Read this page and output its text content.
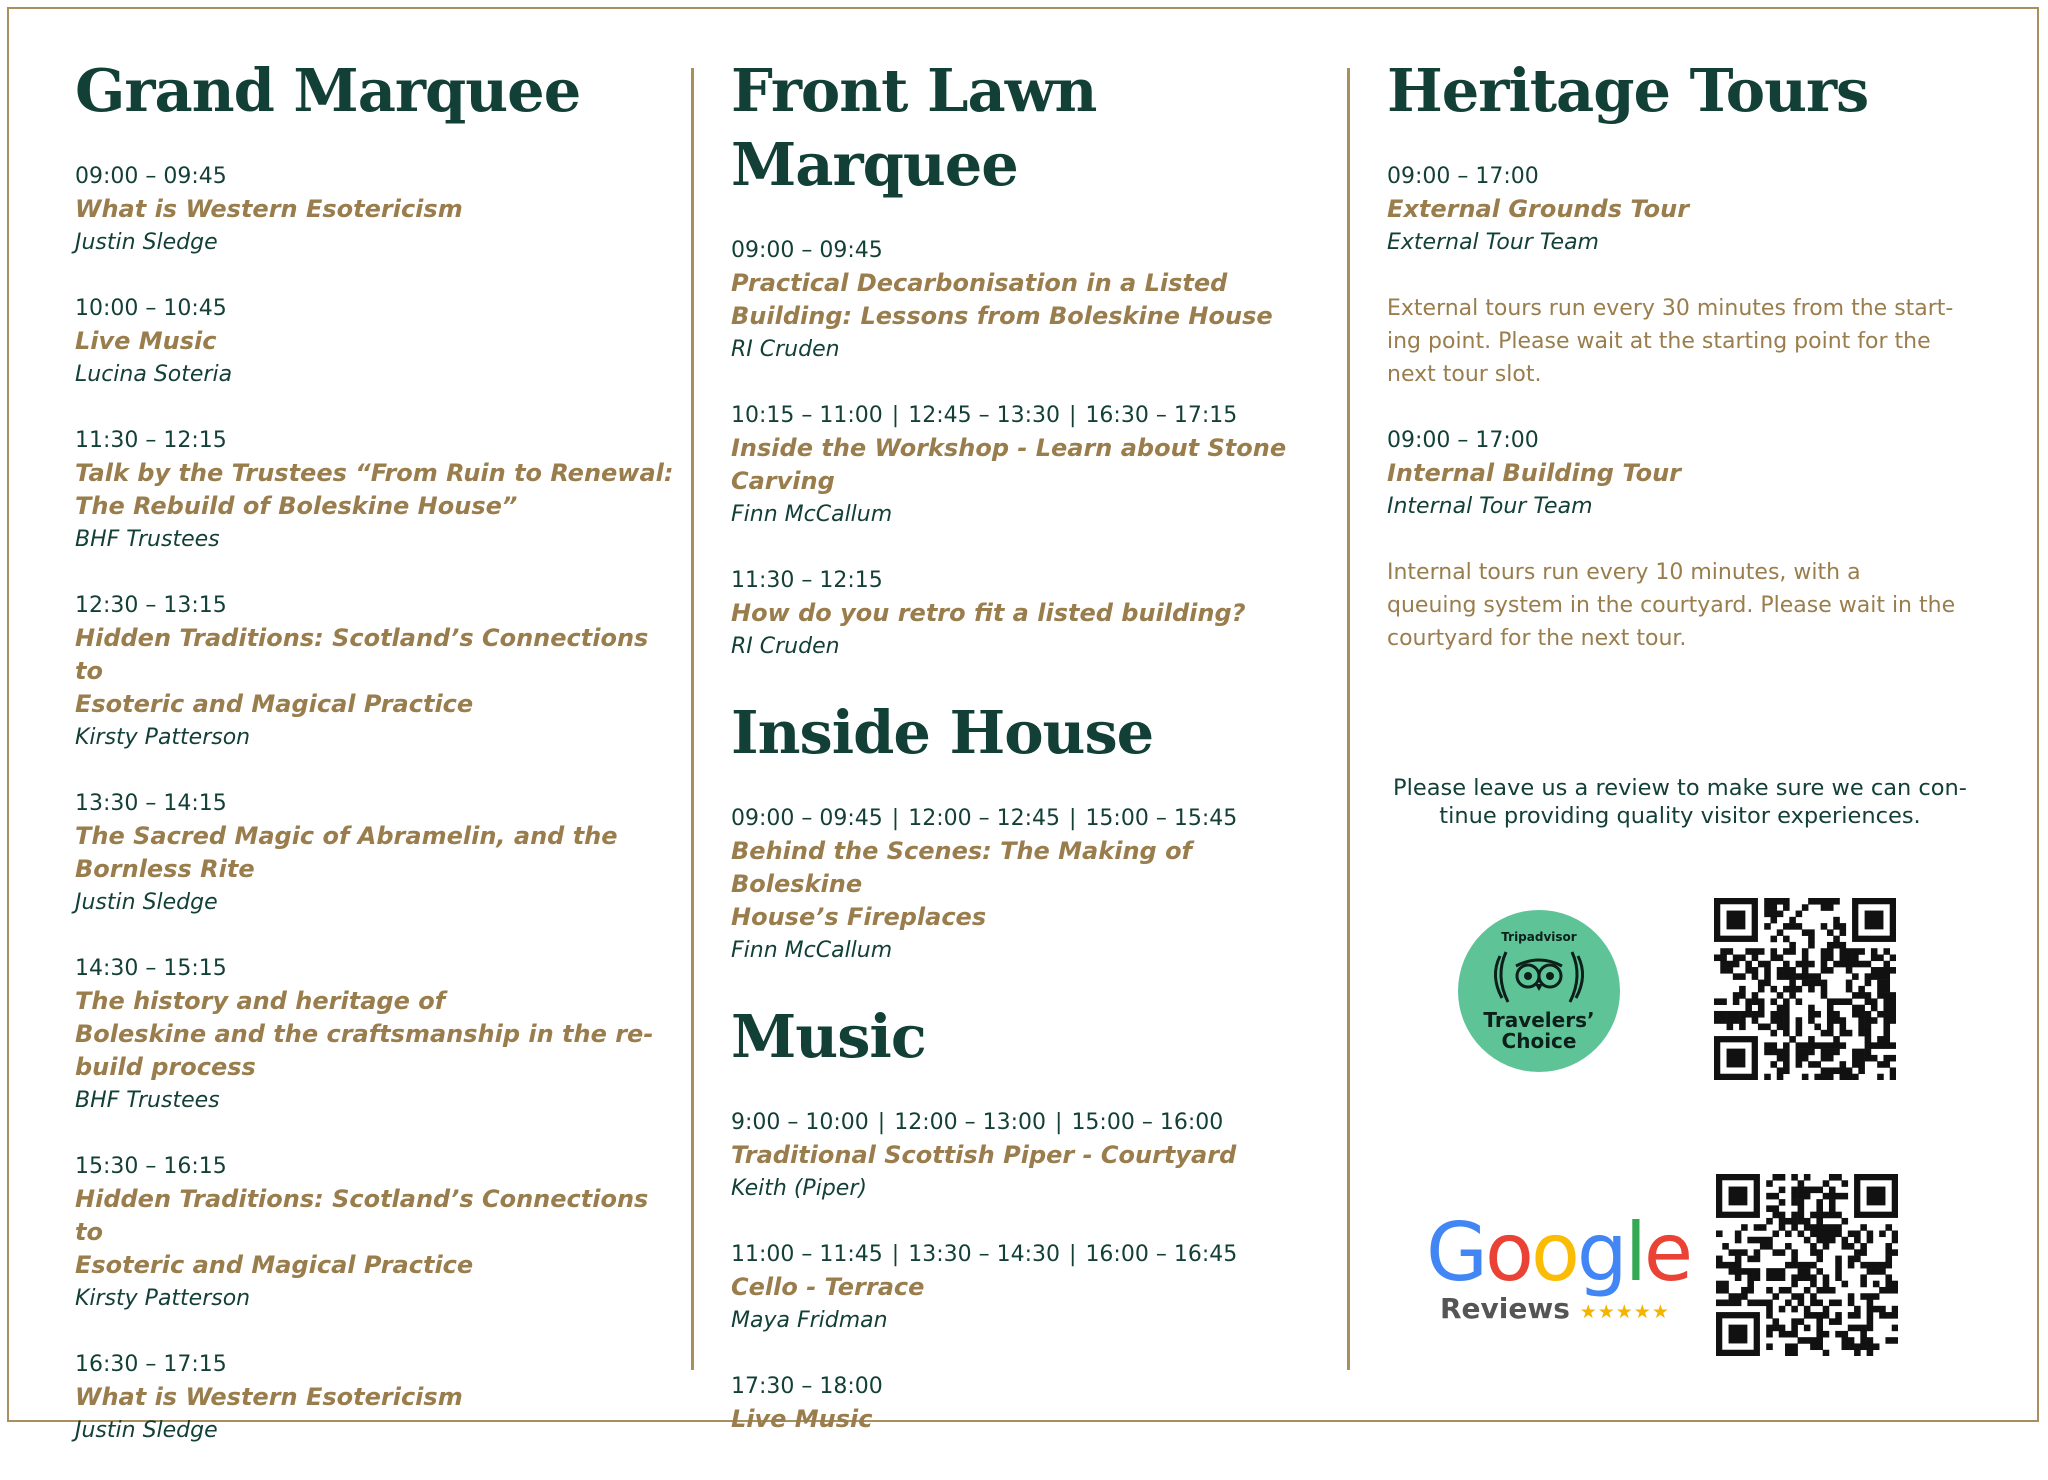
Grand Marquee
09:00 – 09:45
What is Western Esotericism
Justin Sledge
10:00 – 10:45
Live Music
Lucina Soteria
11:30 – 12:15
Talk by the Trustees “From Ruin to Renewal:
The Rebuild of Boleskine House”
BHF Trustees
12:30 – 13:15
Hidden Traditions: Scotland’s Connections to
Esoteric and Magical Practice
Kirsty Patterson
13:30 – 14:15
The Sacred Magic of Abramelin, and the
Bornless Rite
Justin Sledge
14:30 – 15:15
The history and heritage of
Boleskine and the craftsmanship in the re-
build process
BHF Trustees
15:30 – 16:15
Hidden Traditions: Scotland’s Connections to
Esoteric and Magical Practice
Kirsty Patterson
16:30 – 17:15
What is Western Esotericism
Justin Sledge
Front Lawn Marquee
09:00 – 09:45
Practical Decarbonisation in a Listed
Building: Lessons from Boleskine House
RI Cruden
10:15 – 11:00 | 12:45 – 13:30 | 16:30 – 17:15
Inside the Workshop - Learn about Stone
Carving
Finn McCallum
11:30 – 12:15
How do you retro fit a listed building?
RI Cruden
Inside House
09:00 – 09:45 | 12:00 – 12:45 | 15:00 – 15:45
Behind the Scenes: The Making of Boleskine
House’s Fireplaces
Finn McCallum
Music
9:00 – 10:00 | 12:00 – 13:00 | 15:00 – 16:00
Traditional Scottish Piper - Courtyard
Keith (Piper)
11:00 – 11:45 | 13:30 – 14:30 | 16:00 – 16:45
Cello - Terrace
Maya Fridman
17:30 – 18:00
Live Music
Heritage Tours
09:00 – 17:00
External Grounds Tour
External Tour Team
External tours run every 30 minutes from the start-
ing point. Please wait at the starting point for the
next tour slot.
09:00 – 17:00
Internal Building Tour
Internal Tour Team
Internal tours run every 10 minutes, with a
queuing system in the courtyard. Please wait in the
courtyard for the next tour.
Please leave us a review to make sure we can con-
tinue providing quality visitor experiences.
Tripadvisor
Travelers’
Choice
Google
Reviews ★★★★★
